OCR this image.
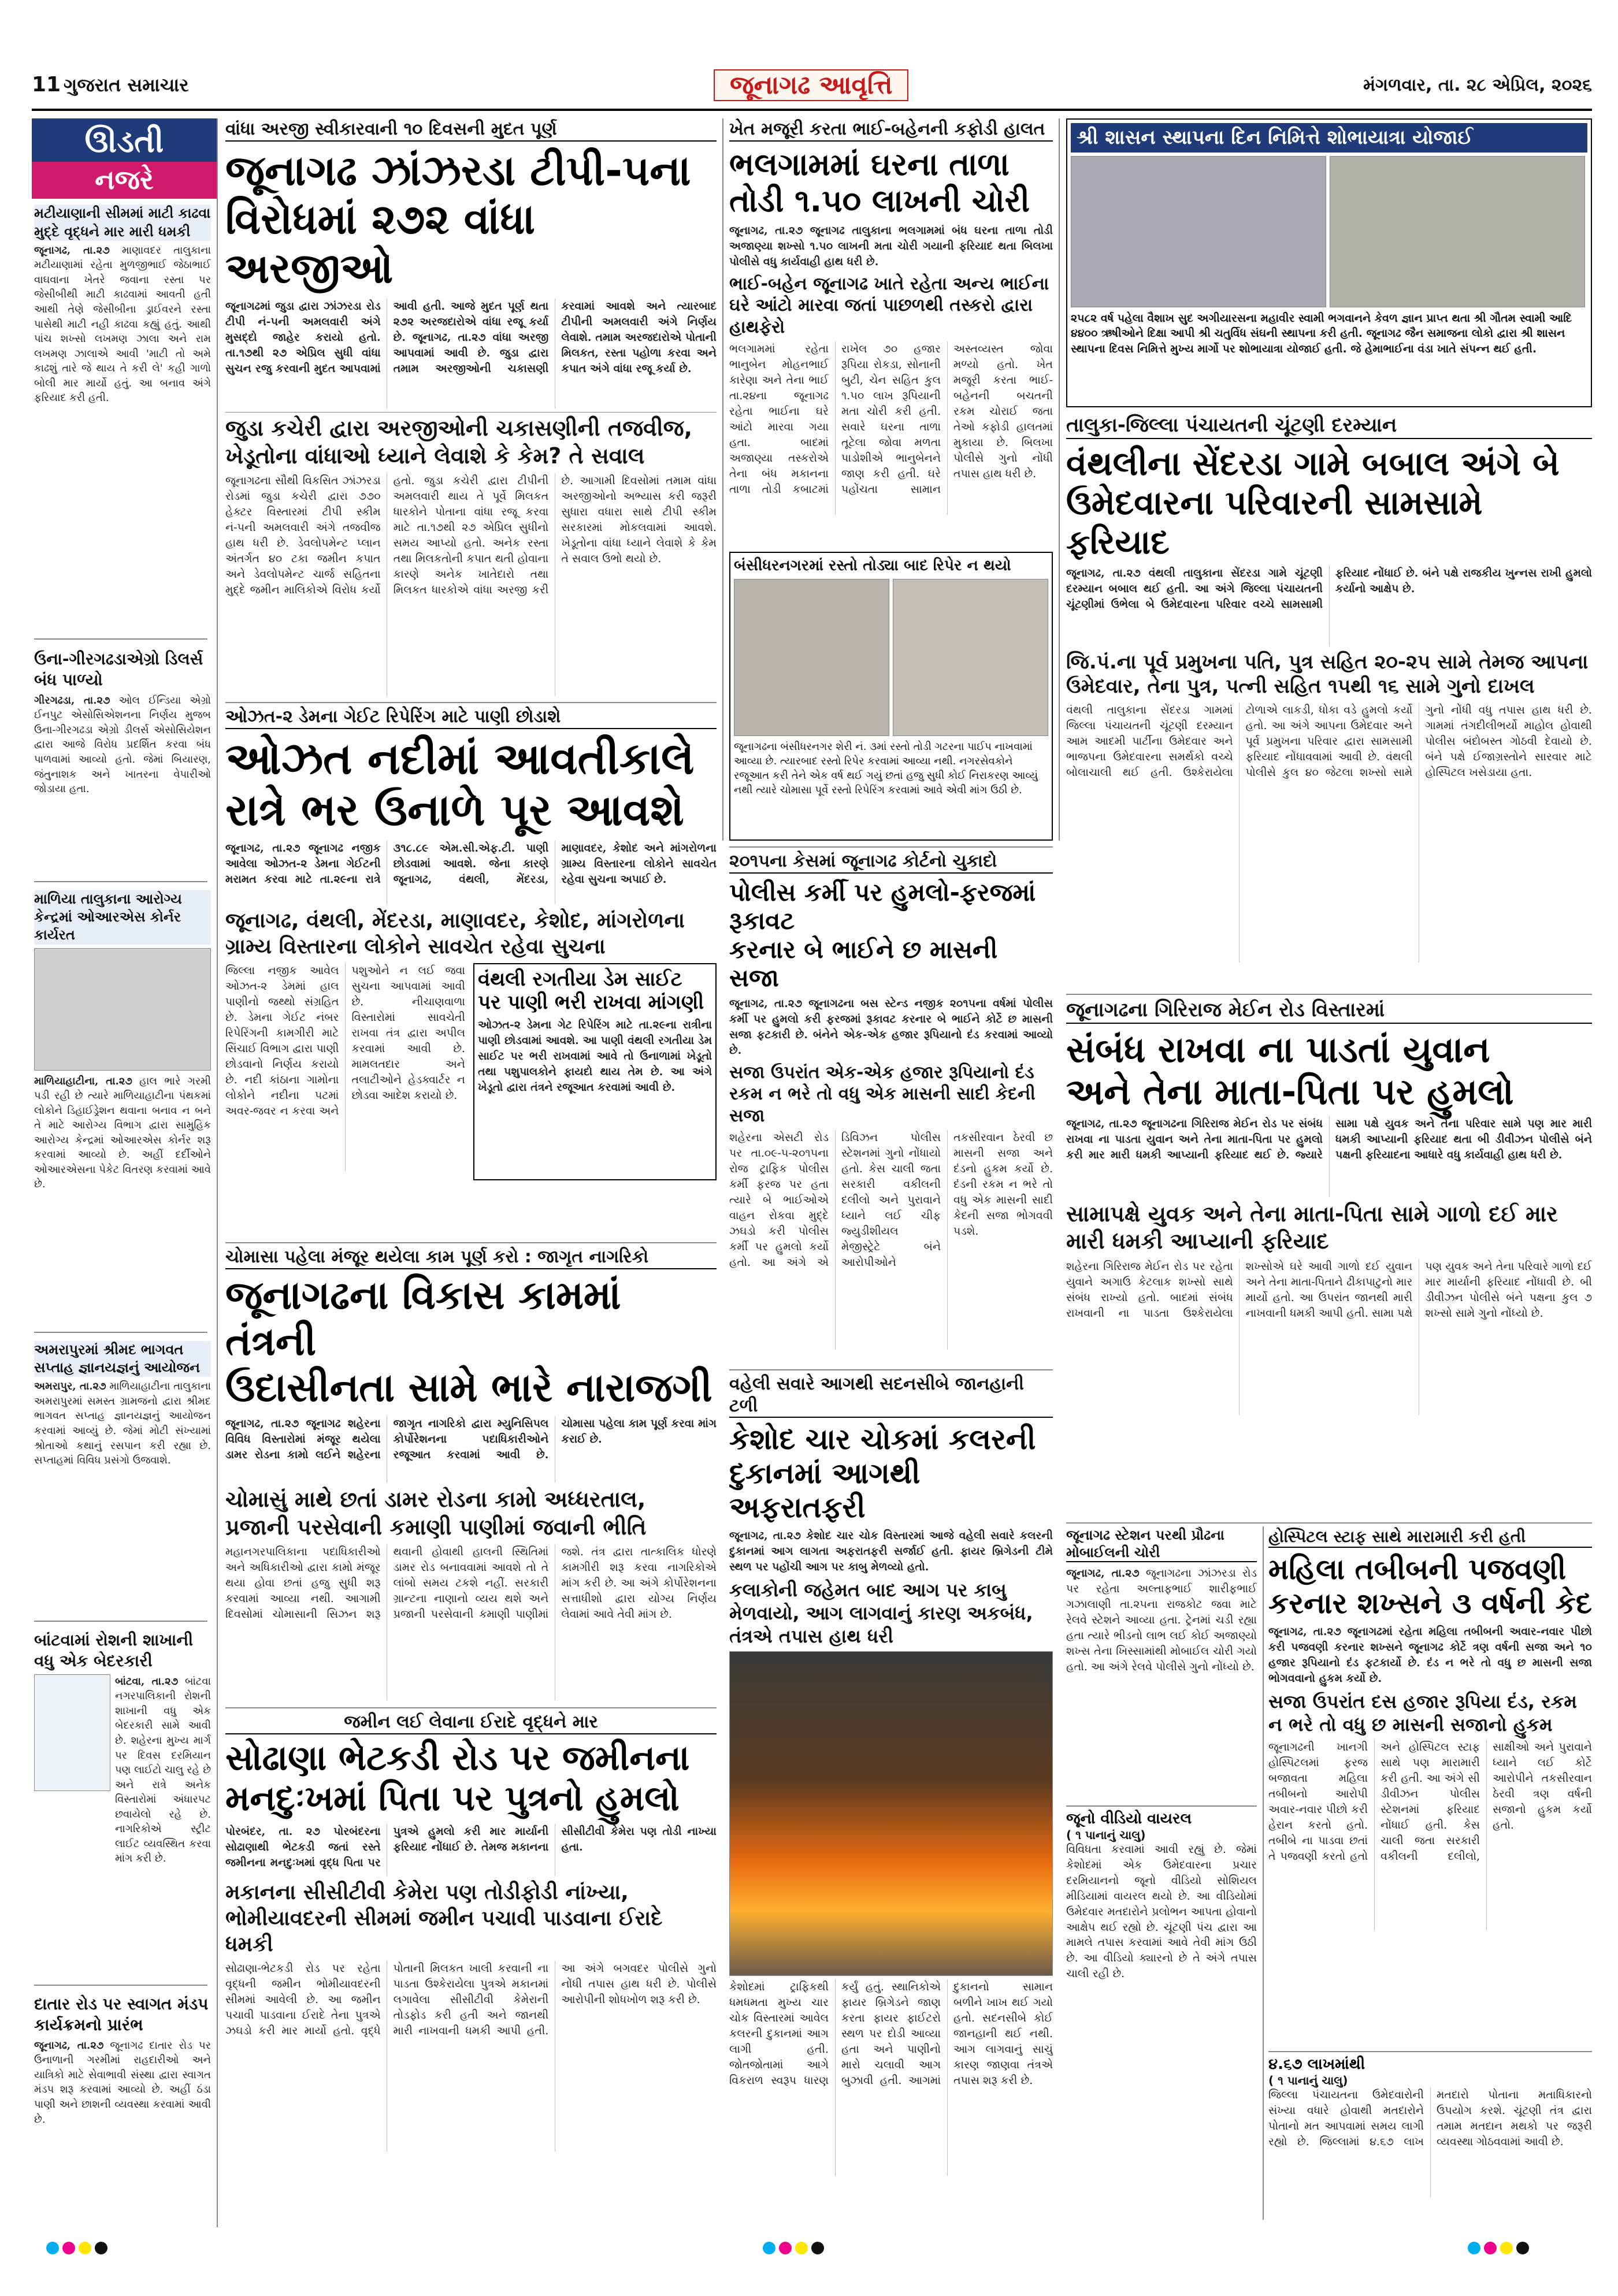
11 ગુજરાત સમાચાર	જૂનાગઢ આવૃત્તિ	મંગળવાર, તા. ૨૮ એપ્રિલ, ૨૦૨૬
ઊડતી
નજરે
મટીયાણાની સીમમાં માટી કાઢવા મુદ્દે વૃદ્ધને માર મારી ધમકી
જૂનાગઢ, તા.૨૭ માણાવદર તાલુકાના મટીયાણામાં રહેતા મુળજીભાઈ જેઠાભાઈ વાઘવાના ખેતરે જવાના રસ્તા પર જેસીબીથી માટી કાઢવામાં આવતી હતી આથી તેણે જેસીબીના ડ્રાઈવરને રસ્તા પાસેથી માટી નહી કાઢવા કહ્યું હતું. આથી પાંચ શખ્સો લખમણ ઝાલા અને રામ લખમણ ઝાલાએ આવી 'માટી તો અમે કાઢશું તારે જે થાય તે કરી લે' કહી ગાળો બોલી માર માર્યો હતું. આ બનાવ અંગે ફરિયાદ કરી હતી.
ઉના-ગીરગઢડાએગ્રો ડિલર્સ બંધ પાળ્યો
ગીરગઢડા, તા.૨૭ ઓલ ઈન્ડિયા એગ્રો ઈનપુટ એસોસિએશનના નિર્ણય મુજબ ઉના-ગીરગઢડા એગ્રો ડીલર્સ એસોસિયેશન દ્વારા આજે વિરોધ પ્રદર્શિત કરવા બંધ પાળવામાં આવ્યો હતો. જેમાં બિયારણ, જંતુનાશક અને ખાતરના વેપારીઓ જોડાયા હતા.
માળિયા તાલુકાના આરોગ્ય કેન્દ્રમાં ઓઆરએસ કોર્નર કાર્યરત
માળિયાહાટીના, તા.૨૭ હાલ ભારે ગરમી પડી રહી છે ત્યારે માળિયાહાટીના પંથકમાં લોકોને ડિહાઈડ્રેશન થવાના બનાવ ન બને તે માટે આરોગ્ય વિભાગ દ્વારા સામુહિક આરોગ્ય કેન્દ્રમાં ઓઆરએસ કોર્નર શરૂ કરવામાં આવ્યો છે. અહીં દર્દીઓને ઓઆરએસના પેકેટ વિતરણ કરવામાં આવે છે.
અમરાપુરમાં શ્રીમદ ભાગવત સપ્તાહ જ્ઞાનયજ્ઞનું આયોજન
અમરાપુર, તા.૨૭ માળિયાહાટીના તાલુકાના અમરાપુરમાં સમસ્ત ગ્રામજનો દ્વારા શ્રીમદ ભાગવત સપ્તાહ જ્ઞાનયજ્ઞનું આયોજન કરવામાં આવ્યું છે. જેમાં મોટી સંખ્યામાં શ્રોતાઓ કથાનું રસપાન કરી રહ્યા છે. સપ્તાહમાં વિવિધ પ્રસંગો ઉજવાશે.
બાંટવામાં રોશની શાખાની વધુ એક બેદરકારી
બાંટવા, તા.૨૭ બાંટવા નગરપાલિકાની રોશની શાખાની વધુ એક બેદરકારી સામે આવી છે. શહેરના મુખ્ય માર્ગ પર દિવસ દરમિયાન પણ લાઈટો ચાલુ રહે છે અને રાત્રે અનેક વિસ્તારોમાં અંધારપટ છવાયેલો રહે છે. નાગરિકોએ સ્ટ્રીટ લાઈટ વ્યવસ્થિત કરવા માંગ કરી છે.
દાતાર રોડ પર સ્વાગત મંડપ કાર્યક્રમનો પ્રારંભ
જૂનાગઢ, તા.૨૭ જૂનાગઢ દાતાર રોડ પર ઉનાળાની ગરમીમાં રાહદારીઓ અને યાત્રિકો માટે સેવાભાવી સંસ્થા દ્વારા સ્વાગત મંડપ શરૂ કરવામાં આવ્યો છે. અહીં ઠંડા પાણી અને છાશની વ્યવસ્થા કરવામાં આવી છે.
વાંધા અરજી સ્વીકારવાની ૧૦ દિવસની મુદત પૂર્ણ
જૂનાગઢ ઝાંઝરડા ટીપી-૫ના
વિરોધમાં ૨૭૨ વાંધા અરજીઓ
જૂનાગઢમાં જુડા દ્વારા ઝાંઝરડા રોડ ટીપી નં-૫ની અમલવારી અંગે મુસદ્દો જાહેર કરાયો હતો. તા.૧૭થી ૨૭ એપ્રિલ સુધી વાંધા સુચન રજુ કરવાની મુદત આપવામાં આવી હતી. આજે મુદત પૂર્ણ થતા ૨૭૨ અરજદારોએ વાંધા રજૂ કર્યા છે. જૂનાગઢ, તા.૨૭ વાંધા અરજી આપવામાં આવી છે. જુડા દ્વારા તમામ અરજીઓની ચકાસણી કરવામાં આવશે અને ત્યારબાદ ટીપીની અમલવારી અંગે નિર્ણય લેવાશે. તમામ અરજદારોએ પોતાની મિલકત, રસ્તા પહોળા કરવા અને કપાત અંગે વાંધા રજૂ કર્યા છે.
જુડા કચેરી દ્વારા અરજીઓની ચકાસણીની તજવીજ, ખેડૂતોના વાંધાઓ ધ્યાને લેવાશે કે કેમ? તે સવાલ
જૂનાગઢના સૌથી વિકસિત ઝાંઝરડા રોડમાં જુડા કચેરી દ્વારા ૭૭૦ હેક્ટર વિસ્તારમાં ટીપી સ્કીમ નં-૫ની અમલવારી અંગે તજવીજ હાથ ધરી છે. ડેવલોપમેન્ટ પ્લાન અંતર્ગત ૪૦ ટકા જમીન કપાત અને ડેવલોપમેન્ટ ચાર્જ સહિતના મુદ્દે જમીન માલિકોએ વિરોધ કર્યો હતો. જુડા કચેરી દ્વારા ટીપીની અમલવારી થાય તે પૂર્વે મિલકત ધારકોને પોતાના વાંધા રજૂ કરવા માટે તા.૧૭થી ૨૭ એપ્રિલ સુધીનો સમય આપ્યો હતો. અનેક રસ્તા તથા મિલકતોની કપાત થતી હોવાના કારણે અનેક ખાતેદારો તથા મિલકત ધારકોએ વાંધા અરજી કરી છે. આગામી દિવસોમાં તમામ વાંધા અરજીઓનો અભ્યાસ કરી જરૂરી સુધારા વધારા સાથે ટીપી સ્કીમ સરકારમાં મોકલવામાં આવશે. ખેડૂતોના વાંધા ધ્યાને લેવાશે કે કેમ તે સવાલ ઉભો થયો છે.
ખેત મજૂરી કરતા ભાઈ-બહેનની કફોડી હાલત
ભલગામમાં ઘરના તાળા
તોડી ૧.૫૦ લાખની ચોરી
જૂનાગઢ, તા.૨૭ જૂનાગઢ તાલુકાના ભલગામમાં બંધ ઘરના તાળા તોડી અજાણ્યા શખ્સો ૧.૫૦ લાખની મતા ચોરી ગયાની ફરિયાદ થતા બિલખા પોલીસે વધુ કાર્યવાહી હાથ ધરી છે.
ભાઈ-બહેન જૂનાગઢ ખાતે રહેતા અન્ય ભાઈના ઘરે આંટો મારવા જતાં પાછળથી તસ્કરો દ્વારા હાથફેરો
ભલગામમાં રહેતા ભાનુબેન મોહનભાઈ કારેણા અને તેના ભાઈ તા.૨૪ના જૂનાગઢ રહેતા ભાઈના ઘરે આંટો મારવા ગયા હતા. બાદમાં અજાણ્યા તસ્કરોએ તેના બંધ મકાનના તાળા તોડી કબાટમાં રાખેલ ૭૦ હજાર રૂપિયા રોકડા, સોનાની બુટી, ચેન સહિત કુલ ૧.૫૦ લાખ રૂપિયાની મતા ચોરી કરી હતી. સવારે ઘરના તાળા તૂટેલા જોવા મળતા પાડોશીએ ભાનુબેનને જાણ કરી હતી. ઘરે પહોંચતા સામાન અસ્તવ્યસ્ત જોવા મળ્યો હતો. ખેત મજૂરી કરતા ભાઈ-બહેનની બચતની રકમ ચોરાઈ જતા તેઓ કફોડી હાલતમાં મુકાયા છે. બિલખા પોલીસે ગુનો નોંધી તપાસ હાથ ધરી છે.
બંસીધરનગરમાં રસ્તો તોડ્યા બાદ રિપેર ન થયો
જૂનાગઢના બંસીધરનગર શેરી નં. ૩માં રસ્તો તોડી ગટરના પાઈપ નાખવામાં આવ્યા છે. ત્યારબાદ રસ્તો રિપેર કરવામાં આવ્યા નથી. નગરસેવકોને રજૂઆત કરી તેને એક વર્ષ થઈ ગયું છતાં હજુ સુધી કોઈ નિરાકરણ આવ્યું નથી ત્યારે ચોમાસા પૂર્વે રસ્તો રિપેરિંગ કરવામાં આવે એવી માંગ ઉઠી છે.
શ્રી શાસન સ્થાપના દિન નિમિત્તે શોભાયાત્રા યોજાઈ
૨૫૮૨ વર્ષ પહેલા વૈશાખ સુદ અગીયારસના મહાવીર સ્વામી ભગવાનને કેવળ જ્ઞાન પ્રાપ્ત થતા શ્રી ગૌતમ સ્વામી આદિ ૪૪૦૦ ઋષીઓને દિક્ષા આપી શ્રી ચતુર્વિધ સંઘની સ્થાપના કરી હતી. જૂનાગઢ જૈન સમાજના લોકો દ્વારા શ્રી શાસન સ્થાપના દિવસ નિમિત્તે મુખ્ય માર્ગો પર શોભાયાત્રા યોજાઈ હતી. જે હેમાભાઈના વંડા ખાતે સંપન્ન થઈ હતી.
તાલુકા-જિલ્લા પંચાયતની ચૂંટણી દરમ્યાન
વંથલીના સેંદરડા ગામે બબાલ અંગે બે
ઉમેદવારના પરિવારની સામસામે ફરિયાદ
જૂનાગઢ, તા.૨૭ વંથલી તાલુકાના સેંદરડા ગામે ચૂંટણી દરમ્યાન બબાલ થઈ હતી. આ અંગે જિલ્લા પંચાયતની ચૂંટણીમાં ઉભેલા બે ઉમેદવારના પરિવાર વચ્ચે સામસામી ફરિયાદ નોંધાઈ છે. બંને પક્ષે રાજકીય ખુન્નસ રાખી હુમલો કર્યાનો આક્ષેપ છે.
જિ.પં.ના પૂર્વ પ્રમુખના પતિ, પુત્ર સહિત ૨૦-૨૫ સામે તેમજ આપના ઉમેદવાર, તેના પુત્ર, પત્ની સહિત ૧૫થી ૧૬ સામે ગુનો દાખલ
વંથલી તાલુકાના સેંદરડા ગામમાં જિલ્લા પંચાયતની ચૂંટણી દરમ્યાન આમ આદમી પાર્ટીના ઉમેદવાર અને ભાજપના ઉમેદવારના સમર્થકો વચ્ચે બોલાચાલી થઈ હતી. ઉશ્કેરાયેલા ટોળાએ લાકડી, ધોકા વડે હુમલો કર્યો હતો. આ અંગે આપના ઉમેદવાર અને પૂર્વ પ્રમુખના પરિવાર દ્વારા સામસામી ફરિયાદ નોંધાવવામાં આવી છે. વંથલી પોલીસે કુલ ૪૦ જેટલા શખ્સો સામે ગુનો નોંધી વધુ તપાસ હાથ ધરી છે. ગામમાં તંગદીલીભર્યો માહોલ હોવાથી પોલીસ બંદોબસ્ત ગોઠવી દેવાયો છે. બંને પક્ષે ઈજાગ્રસ્તોને સારવાર માટે હોસ્પિટલ ખસેડાયા હતા.
ઓઝત-૨ ડેમના ગેઈટ રિપેરિંગ માટે પાણી છોડાશે
ઓઝત નદીમાં આવતીકાલે
રાત્રે ભર ઉનાળે પૂર આવશે
જૂનાગઢ, તા.૨૭ જૂનાગઢ નજીક આવેલા ઓઝત-૨ ડેમના ગેઈટની મરામત કરવા માટે તા.૨૯ના રાત્રે ૩૧૮.૮૯ એમ.સી.એફ.ટી. પાણી છોડવામાં આવશે. જેના કારણે જૂનાગઢ, વંથલી, મેંદરડા, માણાવદર, કેશોદ અને માંગરોળના ગ્રામ્ય વિસ્તારના લોકોને સાવચેત રહેવા સુચના અપાઈ છે.
જૂનાગઢ, વંથલી, મેંદરડા, માણાવદર, કેશોદ, માંગરોળના ગ્રામ્ય વિસ્તારના લોકોને સાવચેત રહેવા સુચના
જિલ્લા નજીક આવેલ ઓઝત-૨ ડેમમાં હાલ પાણીનો જથ્થો સંગ્રહિત છે. ડેમના ગેઈટ નંબર રિપેરિંગની કામગીરી માટે સિંચાઈ વિભાગ દ્વારા પાણી છોડવાનો નિર્ણય કરાયો છે. નદી કાંઠાના ગામોના લોકોને નદીના પટમાં અવર-જવર ન કરવા અને પશુઓને ન લઈ જવા સુચના આપવામાં આવી છે. નીચાણવાળા વિસ્તારોમાં સાવચેતી રાખવા તંત્ર દ્વારા અપીલ કરવામાં આવી છે. મામલતદાર અને તલાટીઓને હેડક્વાર્ટર ન છોડવા આદેશ કરાયો છે.
વંથલી રગતીયા ડેમ સાઈટ પર પાણી ભરી રાખવા માંગણી
ઓઝત-૨ ડેમના ગેટ રિપેરિંગ માટે તા.૨૯ના રાત્રીના પાણી છોડવામાં આવશે. આ પાણી વંથલી રગતીયા ડેમ સાઈટ પર ભરી રાખવામાં આવે તો ઉનાળામાં ખેડૂતો તથા પશુપાલકોને ફાયદો થાય તેમ છે. આ અંગે ખેડૂતો દ્વારા તંત્રને રજૂઆત કરવામાં આવી છે.
૨૦૧૫ના કેસમાં જૂનાગઢ કોર્ટનો ચુકાદો
પોલીસ કર્મી પર હુમલો-ફરજમાં રૂકાવટ
કરનાર બે ભાઈને છ માસની સજા
જૂનાગઢ, તા.૨૭ જૂનાગઢના બસ સ્ટેન્ડ નજીક ૨૦૧૫ના વર્ષમાં પોલીસ કર્મી પર હુમલો કરી ફરજમાં રૂકાવટ કરનાર બે ભાઈને કોર્ટે છ માસની સજા ફટકારી છે. બંનેને એક-એક હજાર રૂપિયાનો દંડ કરવામાં આવ્યો છે.
સજા ઉપરાંત એક-એક હજાર રૂપિયાનો દંડ રકમ ન ભરે તો વધુ એક માસની સાદી કેદની સજા
શહેરના એસટી રોડ પર તા.૦૯-૫-૨૦૧૫ના રોજ ટ્રાફિક પોલીસ કર્મી ફરજ પર હતા ત્યારે બે ભાઈઓએ વાહન રોકવા મુદ્દે ઝઘડો કરી પોલીસ કર્મી પર હુમલો કર્યો હતો. આ અંગે એ ડિવિઝન પોલીસ સ્ટેશનમાં ગુનો નોંધાયો હતો. કેસ ચાલી જતા સરકારી વકીલની દલીલો અને પુરાવાને ધ્યાને લઈ ચીફ જ્યુડીશીયલ મેજીસ્ટ્રેટે બંને આરોપીઓને તકસીરવાન ઠેરવી છ માસની સજા અને દંડનો હુકમ કર્યો છે. દંડની રકમ ન ભરે તો વધુ એક માસની સાદી કેદની સજા ભોગવવી પડશે.
જૂનાગઢના ગિરિરાજ મેઈન રોડ વિસ્તારમાં
સંબંધ રાખવા ના પાડતાં યુવાન
અને તેના માતા-પિતા પર હુમલો
જૂનાગઢ, તા.૨૭ જૂનાગઢના ગિરિરાજ મેઈન રોડ પર સંબંધ રાખવા ના પાડતા યુવાન અને તેના માતા-પિતા પર હુમલો કરી માર મારી ધમકી આપ્યાની ફરિયાદ થઈ છે. જ્યારે સામા પક્ષે યુવક અને તેના પરિવાર સામે પણ માર મારી ધમકી આપ્યાની ફરિયાદ થતા બી ડીવીઝન પોલીસે બંને પક્ષની ફરિયાદના આધારે વધુ કાર્યવાહી હાથ ધરી છે.
સામાપક્ષે યુવક અને તેના માતા-પિતા સામે ગાળો દઈ માર મારી ધમકી આપ્યાની ફરિયાદ
શહેરના ગિરિરાજ મેઈન રોડ પર રહેતા યુવાને અગાઉ કેટલાક શખ્સો સાથે સંબંધ રાખ્યો હતો. બાદમાં સંબંધ રાખવાની ના પાડતા ઉશ્કેરાયેલા શખ્સોએ ઘરે આવી ગાળો દઈ યુવાન અને તેના માતા-પિતાને ઢીકાપાટુનો માર માર્યો હતો. આ ઉપરાંત જાનથી મારી નાખવાની ધમકી આપી હતી. સામા પક્ષે પણ યુવક અને તેના પરિવારે ગાળો દઈ માર માર્યાની ફરિયાદ નોંધાવી છે. બી ડીવીઝન પોલીસે બંને પક્ષના કુલ ૭ શખ્સો સામે ગુનો નોંધ્યો છે.
ચોમાસા પહેલા મંજૂર થયેલા કામ પૂર્ણ કરો : જાગૃત નાગરિકો
જૂનાગઢના વિકાસ કામમાં તંત્રની
ઉદાસીનતા સામે ભારે નારાજગી
જૂનાગઢ, તા.૨૭ જૂનાગઢ શહેરના વિવિધ વિસ્તારોમાં મંજૂર થયેલા ડામર રોડના કામો લઈને શહેરના જાગૃત નાગરિકો દ્વારા મ્યુનિસિપલ કોર્પોરેશનના પદાધિકારીઓને રજૂઆત કરવામાં આવી છે. ચોમાસા પહેલા કામ પૂર્ણ કરવા માંગ કરાઈ છે.
ચોમાસું માથે છતાં ડામર રોડના કામો અધ્ધરતાલ, પ્રજાની પરસેવાની કમાણી પાણીમાં જવાની ભીતિ
મહાનગરપાલિકાના પદાધિકારીઓ અને અધિકારીઓ દ્વારા કામો મંજૂર થયા હોવા છતાં હજુ સુધી શરૂ કરવામાં આવ્યા નથી. આગામી દિવસોમાં ચોમાસાની સિઝન શરૂ થવાની હોવાથી હાલની સ્થિતિમાં ડામર રોડ બનાવવામાં આવશે તો તે લાંબો સમય ટકશે નહીં. સરકારી ગ્રાન્ટના નાણાનો વ્યય થશે અને પ્રજાની પરસેવાની કમાણી પાણીમાં જશે. તંત્ર દ્વારા તાત્કાલિક ધોરણે કામગીરી શરૂ કરવા નાગરિકોએ માંગ કરી છે. આ અંગે કોર્પોરેશનના સત્તાધીશો દ્વારા યોગ્ય નિર્ણય લેવામાં આવે તેવી માંગ છે.
વહેલી સવારે આગથી સદનસીબે જાનહાની ટળી
કેશોદ ચાર ચોકમાં કલરની
દુકાનમાં આગથી અફરાતફરી
જૂનાગઢ, તા.૨૭ કેશોદ ચાર ચોક વિસ્તારમાં આજે વહેલી સવારે કલરની દુકાનમાં આગ લાગતા અફરાતફરી સર્જાઈ હતી. ફાયર બ્રિગેડની ટીમે સ્થળ પર પહોંચી આગ પર કાબુ મેળવ્યો હતો.
કલાકોની જહેમત બાદ આગ પર કાબુ મેળવાયો, આગ લાગવાનું કારણ અકબંધ, તંત્રએ તપાસ હાથ ધરી
કેશોદમાં ટ્રાફિકથી ધમધમતા મુખ્ય ચાર ચોક વિસ્તારમાં આવેલ કલરની દુકાનમાં આગ લાગી હતી. જોતજોતામાં આગે વિકરાળ સ્વરૂપ ધારણ કર્યું હતું. સ્થાનિકોએ ફાયર બ્રિગેડને જાણ કરતા ફાયર ફાઈટરો સ્થળ પર દોડી આવ્યા હતા અને પાણીનો મારો ચલાવી આગ બુઝાવી હતી. આગમાં દુકાનનો સામાન બળીને ખાખ થઈ ગયો હતો. સદનસીબે કોઈ જાનહાની થઈ નથી. આગ લાગવાનું સાચું કારણ જાણવા તંત્રએ તપાસ શરૂ કરી છે.
જમીન લઈ લેવાના ઈરાદે વૃદ્ધને માર
સોઢાણા ભેટકડી રોડ પર જમીનના
મનદુઃખમાં પિતા પર પુત્રનો હુમલો
પોરબંદર, તા. ૨૭ પોરબંદરના સોઢાણાથી ભેટકડી જતાં રસ્તે જમીનના મનદુઃખમાં વૃદ્ધ પિતા પર પુત્રએ હુમલો કરી માર માર્યાની ફરિયાદ નોંધાઈ છે. તેમજ મકાનના સીસીટીવી કેમેરા પણ તોડી નાખ્યા હતા.
મકાનના સીસીટીવી કેમેરા પણ તોડીફોડી નાંખ્યા, ભોમીયાવદરની સીમમાં જમીન પચાવી પાડવાના ઈરાદે ધમકી
સોઢાણા-ભેટકડી રોડ પર રહેતા વૃદ્ધની જમીન ભોમીયાવદરની સીમમાં આવેલી છે. આ જમીન પચાવી પાડવાના ઈરાદે તેના પુત્રએ ઝઘડો કરી માર માર્યો હતો. વૃદ્ધે પોતાની મિલકત ખાલી કરવાની ના પાડતા ઉશ્કેરાયેલા પુત્રએ મકાનમાં લગાવેલા સીસીટીવી કેમેરાની તોડફોડ કરી હતી અને જાનથી મારી નાખવાની ધમકી આપી હતી. આ અંગે બગવદર પોલીસે ગુનો નોંધી તપાસ હાથ ધરી છે. પોલીસે આરોપીની શોધખોળ શરૂ કરી છે.
જૂનાગઢ સ્ટેશન પરથી પ્રૌઢના મોબાઈલની ચોરી
જૂનાગઢ, તા.૨૭ જૂનાગઢના ઝાંઝરડા રોડ પર રહેતા અલ્તાફભાઈ શારીફભાઈ ગઝાલાણી તા.૨૫ના રાજકોટ જવા માટે રેલવે સ્ટેશને આવ્યા હતા. ટ્રેનમાં ચડી રહ્યા હતા ત્યારે ભીડનો લાભ લઈ કોઈ અજાણ્યો શખ્સ તેના ખિસ્સામાંથી મોબાઈલ ચોરી ગયો હતો. આ અંગે રેલવે પોલીસે ગુનો નોંધ્યો છે.
જૂનો વીડિયો વાયરલ
( ૧ પાનાનું ચાલુ)
વિવિધતા કરવામાં આવી રહ્યું છે. જેમાં કેશોદમાં એક ઉમેદવારના પ્રચાર દરમિયાનનો જૂનો વીડિયો સોશિયલ મીડિયામાં વાયરલ થયો છે. આ વીડિયોમાં ઉમેદવાર મતદારોને પ્રલોભન આપતા હોવાનો આક્ષેપ થઈ રહ્યો છે. ચૂંટણી પંચ દ્વારા આ મામલે તપાસ કરવામાં આવે તેવી માંગ ઉઠી છે. આ વીડિયો ક્યારનો છે તે અંગે તપાસ ચાલી રહી છે.
હોસ્પિટલ સ્ટાફ સાથે મારામારી કરી હતી
મહિલા તબીબની પજવણી
કરનાર શખ્સને ૩ વર્ષની કેદ
જૂનાગઢ, તા.૨૭ જૂનાગઢમાં રહેતા મહિલા તબીબની અવાર-નવાર પીછો કરી પજવણી કરનાર શખ્સને જૂનાગઢ કોર્ટે ત્રણ વર્ષની સજા અને ૧૦ હજાર રૂપિયાનો દંડ ફટકાર્યો છે. દંડ ન ભરે તો વધુ છ માસની સજા ભોગવવાનો હુકમ કર્યો છે.
સજા ઉપરાંત દસ હજાર રૂપિયા દંડ, રકમ ન ભરે તો વધુ છ માસની સજાનો હુકમ
જૂનાગઢની ખાનગી હોસ્પિટલમાં ફરજ બજાવતા મહિલા તબીબનો આરોપી અવાર-નવાર પીછો કરી હેરાન કરતો હતો. તબીબે ના પાડવા છતાં તે પજવણી કરતો હતો અને હોસ્પિટલ સ્ટાફ સાથે પણ મારામારી કરી હતી. આ અંગે સી ડીવીઝન પોલીસ સ્ટેશનમાં ફરિયાદ નોંધાઈ હતી. કેસ ચાલી જતા સરકારી વકીલની દલીલો, સાક્ષીઓ અને પુરાવાને ધ્યાને લઈ કોર્ટે આરોપીને તકસીરવાન ઠેરવી ત્રણ વર્ષની સજાનો હુકમ કર્યો હતો.
૪.૬૭ લાખમાંથી
( ૧ પાનાનું ચાલુ)
જિલ્લા પંચાયતના ઉમેદવારોની સંખ્યા વધારે હોવાથી મતદારોને પોતાનો મત આપવામાં સમય લાગી રહ્યો છે. જિલ્લામાં ૪.૬૭ લાખ મતદારો પોતાના મતાધિકારનો ઉપયોગ કરશે. ચૂંટણી તંત્ર દ્વારા તમામ મતદાન મથકો પર જરૂરી વ્યવસ્થા ગોઠવવામાં આવી છે.
